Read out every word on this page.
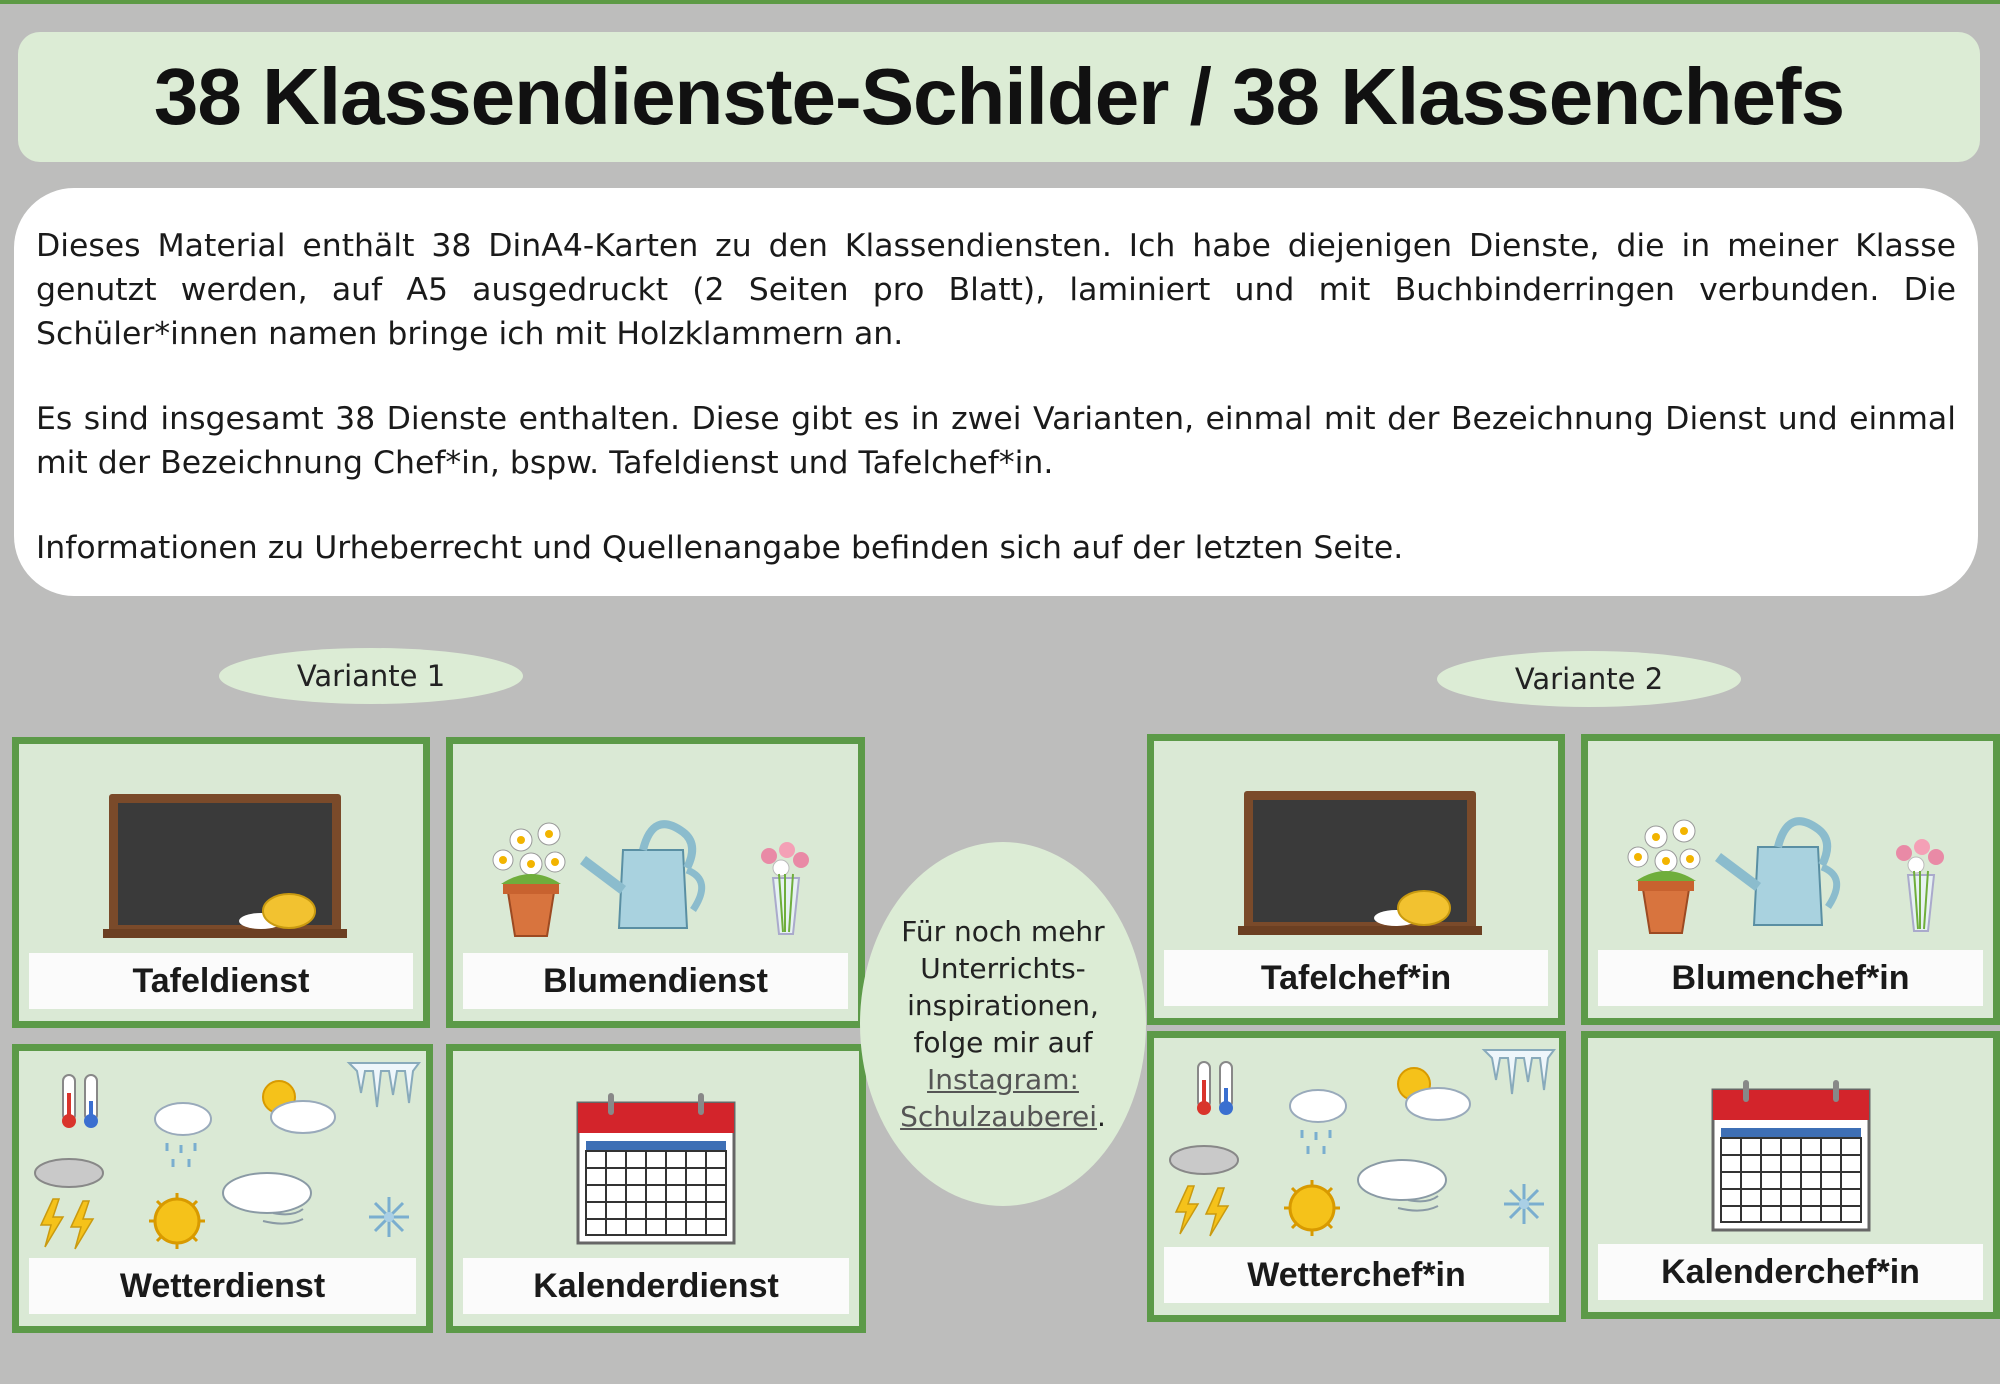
38 Klassendienste-Schilder / 38 Klassenchefs

Dieses Material enthält 38 DinA4-Karten zu den Klassendiensten. Ich habe diejenigen Dienste, die in meiner Klasse genutzt werden, auf A5 ausgedruckt (2 Seiten pro Blatt), laminiert und mit Buchbinderringen verbunden. Die Schüler*innen namen bringe ich mit Holzklammern an.

Es sind insgesamt 38 Dienste enthalten. Diese gibt es in zwei Varianten, einmal mit der Bezeichnung Dienst und einmal mit der Bezeichnung Chef*in, bspw. Tafeldienst und Tafelchef*in.

Informationen zu Urheberrecht und Quellenangabe befinden sich auf der letzten Seite.

Variante 1	Variante 2
Tafeldienst	Blumendienst
Wetterdienst	Kalenderdienst
Für noch mehr
Unterrichts-
inspirationen,
folge mir auf
Instagram:
Schulzauberei.
Tafelchef*in	Blumenchef*in
Wetterchef*in	Kalenderchef*in
